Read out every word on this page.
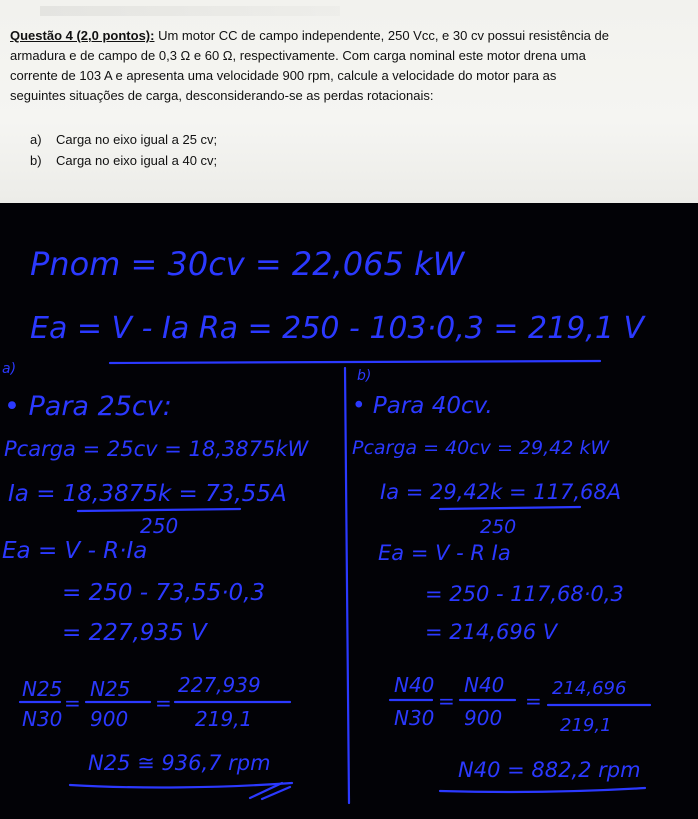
Questão 4 (2,0 pontos): Um motor CC de campo independente, 250 Vcc, e 30 cv possui resistência de
armadura e de campo de 0,3 Ω e 60 Ω, respectivamente. Com carga nominal este motor drena uma
corrente de 103 A e apresenta uma velocidade 900 rpm, calcule a velocidade do motor para as
seguintes situações de carga, desconsiderando-se as perdas rotacionais:
a) Carga no eixo igual a 25 cv;
b) Carga no eixo igual a 40 cv;
Pnom = 30cv = 22,065 kW
Ea = V - Ia Ra = 250 - 103·0,3 = 219,1 V
a)
• Para 25cv:
Pcarga = 25cv = 18,3875kW
Ia = 18,3875k = 73,55A
250
Ea = V - R·Ia
= 250 - 73,55·0,3
= 227,935 V
N25
N30
=
N25
900
=
227,939
219,1
N25 ≅ 936,7 rpm
b)
• Para 40cv.
Pcarga = 40cv = 29,42 kW
Ia = 29,42k = 117,68A
250
Ea = V - R Ia
= 250 - 117,68·0,3
= 214,696 V
N40
N30
=
N40
900
=
214,696
219,1
N40 = 882,2 rpm
